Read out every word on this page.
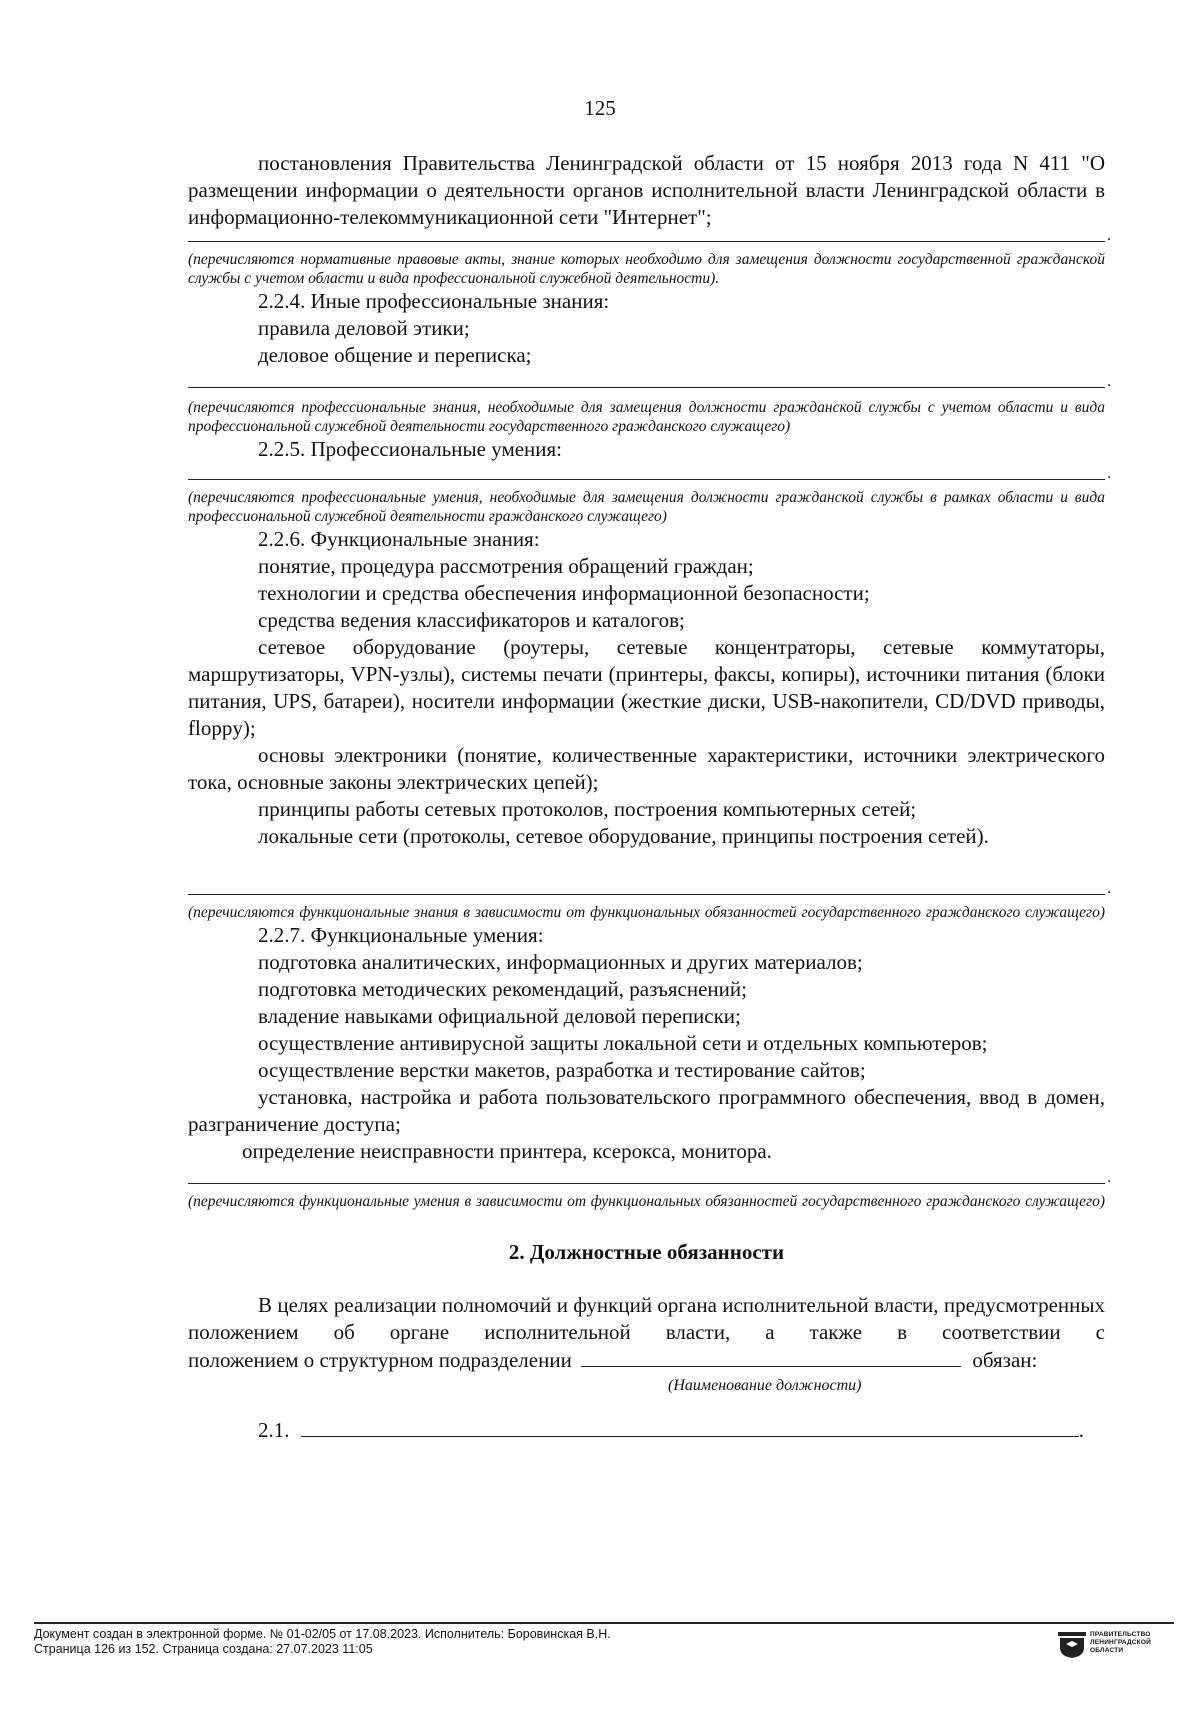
125
постановления Правительства Ленинградской области от 15 ноября 2013 года N 411 "О размещении информации о деятельности органов исполнительной власти Ленинградской области в информационно-телекоммуникационной сети "Интернет";
.
(перечисляются нормативные правовые акты, знание которых необходимо для замещения должности государственной гражданской службы с учетом области и вида профессиональной служебной деятельности).
2.2.4. Иные профессиональные знания:
правила деловой этики;
деловое общение и переписка;
.
(перечисляются профессиональные знания, необходимые для замещения должности гражданской службы с учетом области и вида профессиональной служебной деятельности государственного гражданского служащего)
2.2.5. Профессиональные умения:
.
(перечисляются профессиональные умения, необходимые для замещения должности гражданской службы в рамках области и вида профессиональной служебной деятельности гражданского служащего)
2.2.6. Функциональные знания:
понятие, процедура рассмотрения обращений граждан;
технологии и средства обеспечения информационной безопасности;
средства ведения классификаторов и каталогов;
сетевое оборудование (роутеры, сетевые концентраторы, сетевые коммутаторы, маршрутизаторы, VPN-узлы), системы печати (принтеры, факсы, копиры), источники питания (блоки питания, UPS, батареи), носители информации (жесткие диски, USB-накопители, CD/DVD приводы, floppy);
основы электроники (понятие, количественные характеристики, источники электрического тока, основные законы электрических цепей);
принципы работы сетевых протоколов, построения компьютерных сетей;
локальные сети (протоколы, сетевое оборудование, принципы построения сетей).
.
(перечисляются функциональные знания в зависимости от функциональных обязанностей государственного гражданского служащего)
2.2.7. Функциональные умения:
подготовка аналитических, информационных и других материалов;
подготовка методических рекомендаций, разъяснений;
владение навыками официальной деловой переписки;
осуществление антивирусной защиты локальной сети и отдельных компьютеров;
осуществление верстки макетов, разработка и тестирование сайтов;
установка, настройка и работа пользовательского программного обеспечения, ввод в домен, разграничение доступа;
определение неисправности принтера, ксерокса, монитора.
.
(перечисляются функциональные умения в зависимости от функциональных обязанностей государственного гражданского служащего)
2. Должностные обязанности
В целях реализации полномочий и функций органа исполнительной власти, предусмотренных положением об органе исполнительной власти, а также в соответствии с
положением о структурном подразделении	обязан:
(Наименование должности)
2.1.	.
Документ создан в электронной форме. № 01-02/05 от 17.08.2023. Исполнитель: Боровинская В.Н.
Страница 126 из 152. Страница создана: 27.07.2023 11:05
ПРАВИТЕЛЬСТВО
ЛЕНИНГРАДСКОЙ
ОБЛАСТИ
